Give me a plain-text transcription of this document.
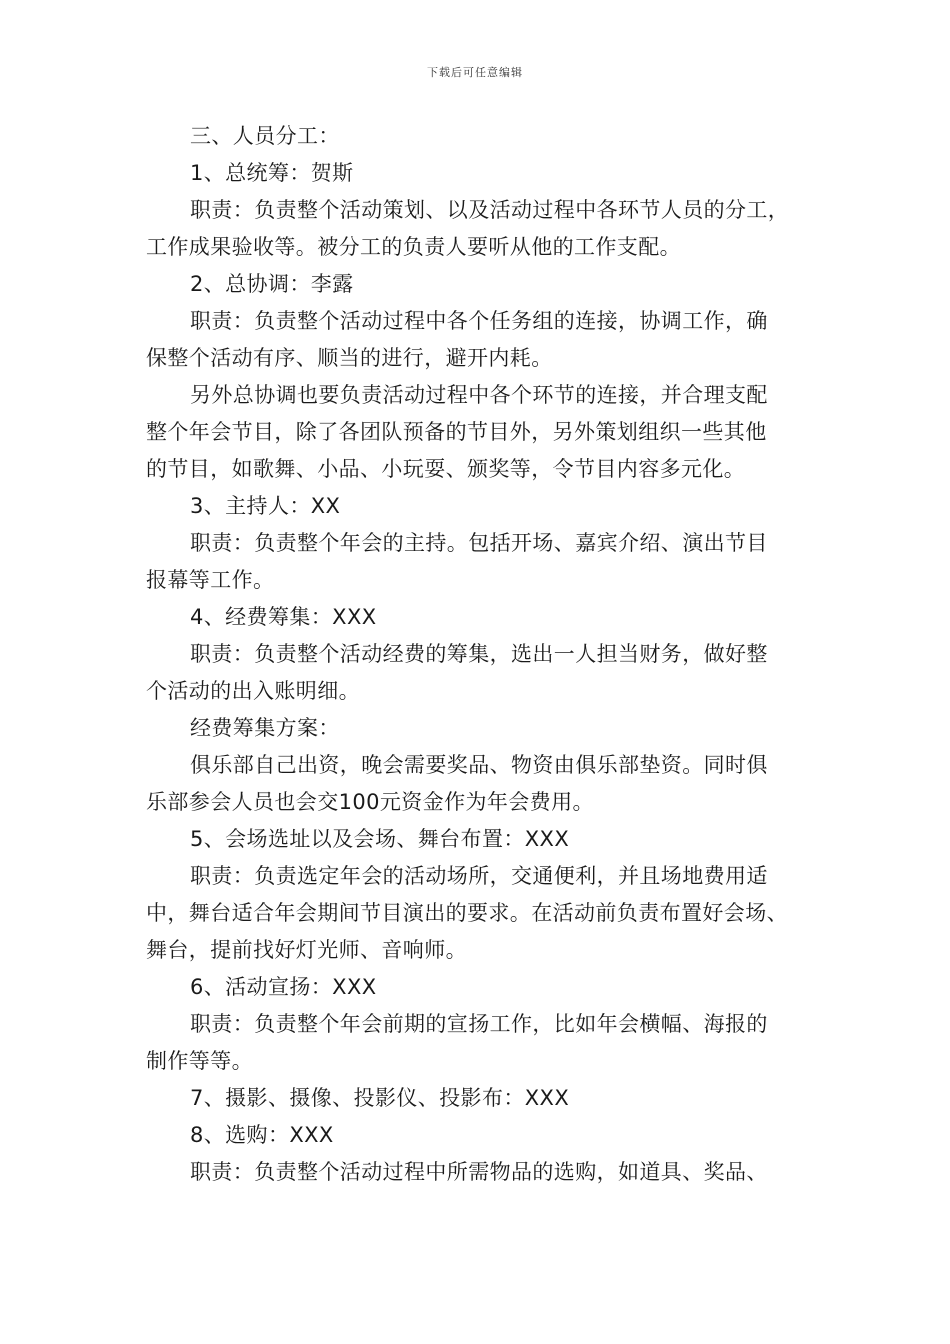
下载后可任意编辑
三、人员分工：
1、总统筹：贺斯
职责：负责整个活动策划、以及活动过程中各环节人员的分工，
工作成果验收等。被分工的负责人要听从他的工作支配。
2、总协调：李露
职责：负责整个活动过程中各个任务组的连接，协调工作，确
保整个活动有序、顺当的进行，避开内耗。
另外总协调也要负责活动过程中各个环节的连接，并合理支配
整个年会节目，除了各团队预备的节目外，另外策划组织一些其他
的节目，如歌舞、小品、小玩耍、颁奖等，令节目内容多元化。
3、主持人：XX
职责：负责整个年会的主持。包括开场、嘉宾介绍、演出节目
报幕等工作。
4、经费筹集：XXX
职责：负责整个活动经费的筹集，选出一人担当财务，做好整
个活动的出入账明细。
经费筹集方案：
俱乐部自己出资，晚会需要奖品、物资由俱乐部垫资。同时俱
乐部参会人员也会交100元资金作为年会费用。
5、会场选址以及会场、舞台布置：XXX
职责：负责选定年会的活动场所，交通便利，并且场地费用适
中，舞台适合年会期间节目演出的要求。在活动前负责布置好会场、
舞台，提前找好灯光师、音响师。
6、活动宣扬：XXX
职责：负责整个年会前期的宣扬工作，比如年会横幅、海报的
制作等等。
7、摄影、摄像、投影仪、投影布：XXX
8、选购：XXX
职责：负责整个活动过程中所需物品的选购，如道具、奖品、
